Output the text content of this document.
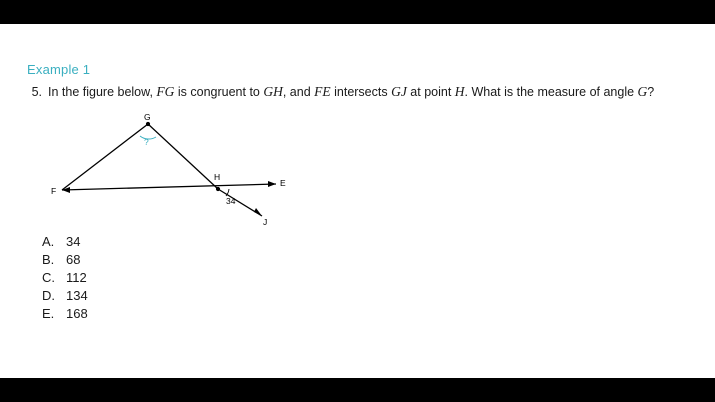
Example 1
5. In the figure below, FG is congruent to GH, and FE intersects GJ at point H. What is the measure of angle G?
G
F
H
E
J
?
34
A. 34
B. 68
C. 112
D. 134
E. 168
